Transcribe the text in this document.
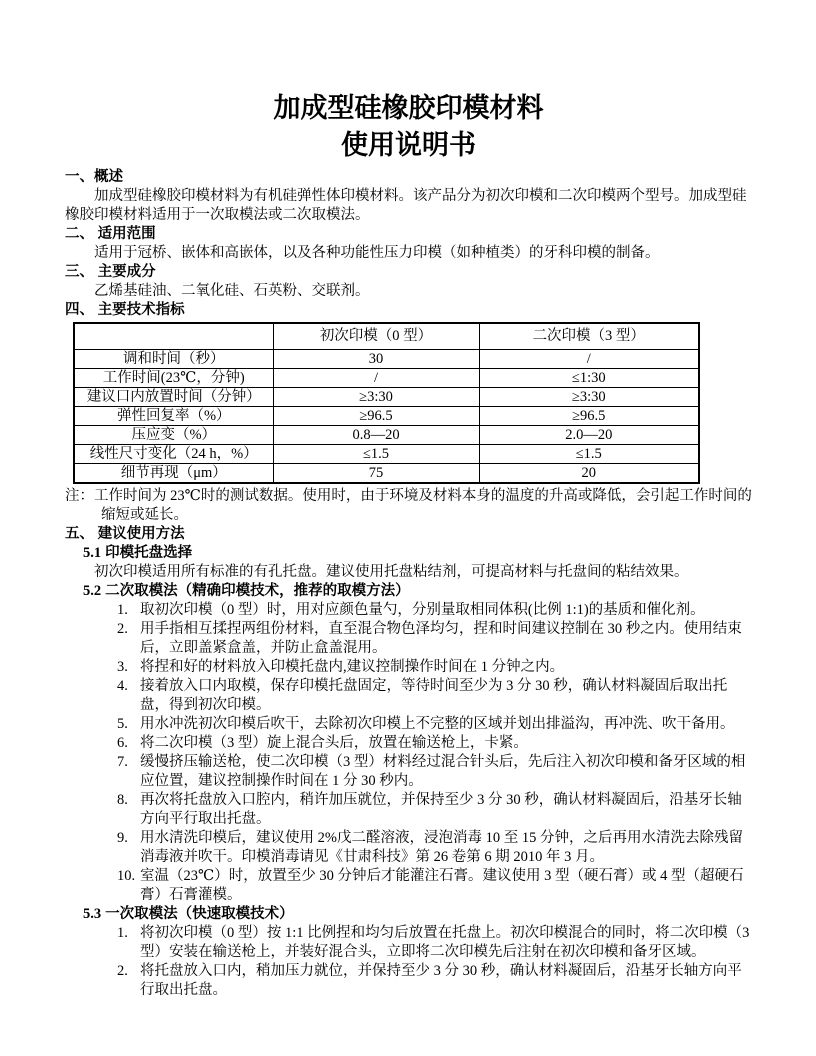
加成型硅橡胶印模材料
使用说明书
一、概述
加成型硅橡胶印模材料为有机硅弹性体印模材料。该产品分为初次印模和二次印模两个型号。加成型硅橡胶印模材料适用于一次取模法或二次取模法。
二、 适用范围
适用于冠桥、嵌体和高嵌体，以及各种功能性压力印模（如种植类）的牙科印模的制备。
三、 主要成分
乙烯基硅油、二氧化硅、石英粉、交联剂。
四、 主要技术指标
	初次印模（0 型）	二次印模（3 型）
调和时间（秒）	30	/
工作时间(23℃，分钟)	/	≤1:30
建议口内放置时间（分钟）	≥3:30	≥3:30
弹性回复率（%）	≥96.5	≥96.5
压应变（%）	0.8—20	2.0—20
线性尺寸变化（24 h，%）	≤1.5	≤1.5
细节再现（μm）	75	20
注：工作时间为 23℃时的测试数据。使用时，由于环境及材料本身的温度的升高或降低，会引起工作时间的缩短或延长。
五、 建议使用方法
5.1 印模托盘选择
初次印模适用所有标准的有孔托盘。建议使用托盘粘结剂，可提高材料与托盘间的粘结效果。
5.2 二次取模法（精确印模技术，推荐的取模方法）
1. 取初次印模（0 型）时，用对应颜色量勺，分别量取相同体积(比例 1:1)的基质和催化剂。
2. 用手指相互揉捏两组份材料，直至混合物色泽均匀，捏和时间建议控制在 30 秒之内。使用结束后，立即盖紧盒盖，并防止盒盖混用。
3. 将捏和好的材料放入印模托盘内,建议控制操作时间在 1 分钟之内。
4. 接着放入口内取模，保存印模托盘固定，等待时间至少为 3 分 30 秒，确认材料凝固后取出托盘，得到初次印模。
5. 用水冲洗初次印模后吹干，去除初次印模上不完整的区域并划出排溢沟，再冲洗、吹干备用。
6. 将二次印模（3 型）旋上混合头后，放置在输送枪上，卡紧。
7. 缓慢挤压输送枪，使二次印模（3 型）材料经过混合针头后，先后注入初次印模和备牙区域的相应位置，建议控制操作时间在 1 分 30 秒内。
8. 再次将托盘放入口腔内，稍许加压就位，并保持至少 3 分 30 秒，确认材料凝固后，沿基牙长轴方向平行取出托盘。
9. 用水清洗印模后，建议使用 2%戊二醛溶液，浸泡消毒 10 至 15 分钟，之后再用水清洗去除残留消毒液并吹干。印模消毒请见《甘肃科技》第 26 卷第 6 期 2010 年 3 月。
10. 室温（23℃）时，放置至少 30 分钟后才能灌注石膏。建议使用 3 型（硬石膏）或 4 型（超硬石膏）石膏灌模。
5.3 一次取模法（快速取模技术）
1. 将初次印模（0 型）按 1:1 比例捏和均匀后放置在托盘上。初次印模混合的同时，将二次印模（3 型）安装在输送枪上，并装好混合头，立即将二次印模先后注射在初次印模和备牙区域。
2. 将托盘放入口内，稍加压力就位，并保持至少 3 分 30 秒，确认材料凝固后，沿基牙长轴方向平行取出托盘。
